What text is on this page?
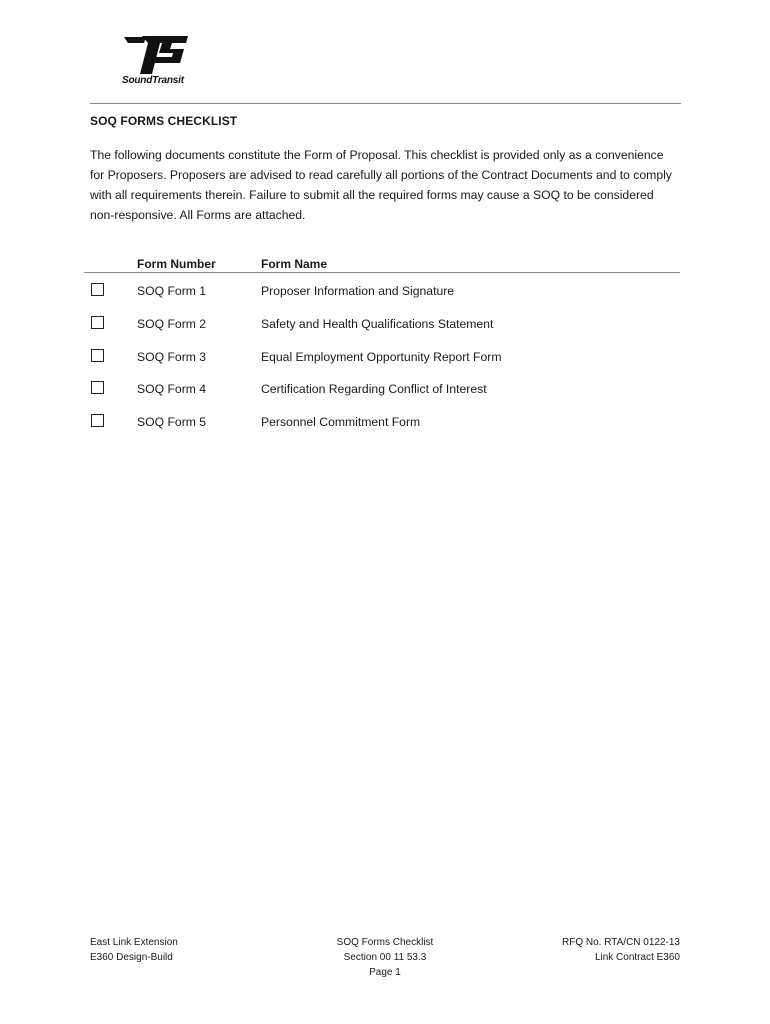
SoundTransit
SOQ FORMS CHECKLIST
The following documents constitute the Form of Proposal. This checklist is provided only as a convenience for Proposers. Proposers are advised to read carefully all portions of the Contract Documents and to comply with all requirements therein. Failure to submit all the required forms may cause a SOQ to be considered non-responsive. All Forms are attached.
Form Number	Form Name
SOQ Form 1	Proposer Information and Signature
SOQ Form 2	Safety and Health Qualifications Statement
SOQ Form 3	Equal Employment Opportunity Report Form
SOQ Form 4	Certification Regarding Conflict of Interest
SOQ Form 5	Personnel Commitment Form
East Link Extension
E360 Design-Build
SOQ Forms Checklist
Section 00 11 53.3
Page 1
RFQ No. RTA/CN 0122-13
Link Contract E360
